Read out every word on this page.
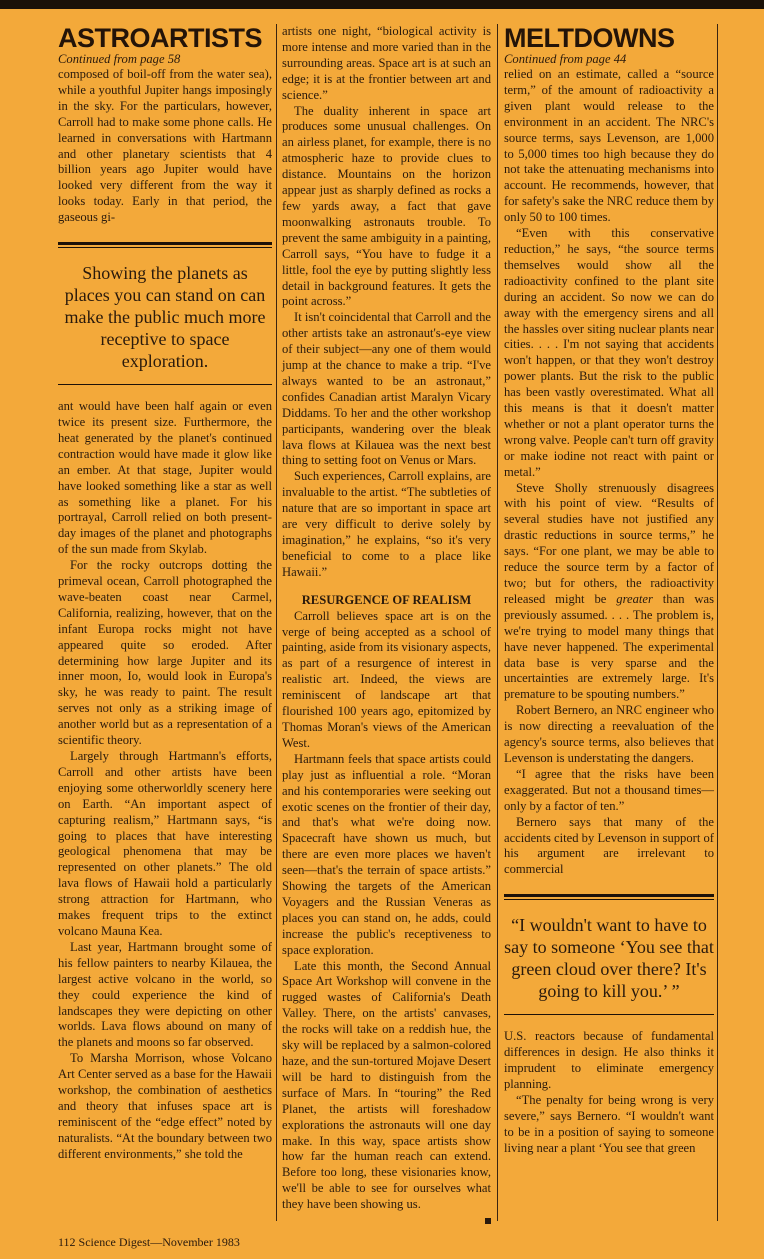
ASTROARTISTS
Continued from page 58

composed of boil-off from the water sea), while a youthful Jupiter hangs imposingly in the sky. For the particulars, however, Carroll had to make some phone calls. He learned in conversations with Hartmann and other planetary scientists that 4 billion years ago Jupiter would have looked very different from the way it looks today. Early in that period, the gaseous gi-

Showing the planets as places you can stand on can make the public much more receptive to space exploration.

ant would have been half again or even twice its present size. Furthermore, the heat generated by the planet's continued contraction would have made it glow like an ember. At that stage, Jupiter would have looked something like a star as well as something like a planet. For his portrayal, Carroll relied on both present-day images of the planet and photographs of the sun made from Skylab.

For the rocky outcrops dotting the primeval ocean, Carroll photographed the wave-beaten coast near Carmel, California, realizing, however, that on the infant Europa rocks might not have appeared quite so eroded. After determining how large Jupiter and its inner moon, Io, would look in Europa's sky, he was ready to paint. The result serves not only as a striking image of another world but as a representation of a scientific theory.

Largely through Hartmann's efforts, Carroll and other artists have been enjoying some otherworldly scenery here on Earth. “An important aspect of capturing realism,” Hartmann says, “is going to places that have interesting geological phenomena that may be represented on other planets.” The old lava flows of Hawaii hold a particularly strong attraction for Hartmann, who makes frequent trips to the extinct volcano Mauna Kea.

Last year, Hartmann brought some of his fellow painters to nearby Kilauea, the largest active volcano in the world, so they could experience the kind of landscapes they were depicting on other worlds. Lava flows abound on many of the planets and moons so far observed.

To Marsha Morrison, whose Volcano Art Center served as a base for the Hawaii workshop, the combination of aesthetics and theory that infuses space art is reminiscent of the “edge effect” noted by naturalists. “At the boundary between two different environments,” she told the

artists one night, “biological activity is more intense and more varied than in the surrounding areas. Space art is at such an edge; it is at the frontier between art and science.”

The duality inherent in space art produces some unusual challenges. On an airless planet, for example, there is no atmospheric haze to provide clues to distance. Mountains on the horizon appear just as sharply defined as rocks a few yards away, a fact that gave moonwalking astronauts trouble. To prevent the same ambiguity in a painting, Carroll says, “You have to fudge it a little, fool the eye by putting slightly less detail in background features. It gets the point across.”

It isn't coincidental that Carroll and the other artists take an astronaut's-eye view of their subject—any one of them would jump at the chance to make a trip. “I've always wanted to be an astronaut,” confides Canadian artist Maralyn Vicary Diddams. To her and the other workshop participants, wandering over the bleak lava flows at Kilauea was the next best thing to setting foot on Venus or Mars.

Such experiences, Carroll explains, are invaluable to the artist. “The subtleties of nature that are so important in space art are very difficult to derive solely by imagination,” he explains, “so it's very beneficial to come to a place like Hawaii.”

RESURGENCE OF REALISM

Carroll believes space art is on the verge of being accepted as a school of painting, aside from its visionary aspects, as part of a resurgence of interest in realistic art. Indeed, the views are reminiscent of landscape art that flourished 100 years ago, epitomized by Thomas Moran's views of the American West.

Hartmann feels that space artists could play just as influential a role. “Moran and his contemporaries were seeking out exotic scenes on the frontier of their day, and that's what we're doing now. Spacecraft have shown us much, but there are even more places we haven't seen—that's the terrain of space artists.” Showing the targets of the American Voyagers and the Russian Veneras as places you can stand on, he adds, could increase the public's receptiveness to space exploration.

Late this month, the Second Annual Space Art Workshop will convene in the rugged wastes of California's Death Valley. There, on the artists' canvases, the rocks will take on a reddish hue, the sky will be replaced by a salmon-colored haze, and the sun-tortured Mojave Desert will be hard to distinguish from the surface of Mars. In “touring” the Red Planet, the artists will foreshadow explorations the astronauts will one day make. In this way, space artists show how far the human reach can extend. Before too long, these visionaries know, we'll be able to see for ourselves what they have been showing us.

MELTDOWNS
Continued from page 44

relied on an estimate, called a “source term,” of the amount of radioactivity a given plant would release to the environment in an accident. The NRC's source terms, says Levenson, are 1,000 to 5,000 times too high because they do not take the attenuating mechanisms into account. He recommends, however, that for safety's sake the NRC reduce them by only 50 to 100 times.

“Even with this conservative reduction,” he says, “the source terms themselves would show all the radioactivity confined to the plant site during an accident. So now we can do away with the emergency sirens and all the hassles over siting nuclear plants near cities. . . . I'm not saying that accidents won't happen, or that they won't destroy power plants. But the risk to the public has been vastly overestimated. What all this means is that it doesn't matter whether or not a plant operator turns the wrong valve. People can't turn off gravity or make iodine not react with paint or metal.”

Steve Sholly strenuously disagrees with his point of view. “Results of several studies have not justified any drastic reductions in source terms,” he says. “For one plant, we may be able to reduce the source term by a factor of two; but for others, the radioactivity released might be greater than was previously assumed. . . . The problem is, we're trying to model many things that have never happened. The experimental data base is very sparse and the uncertainties are extremely large. It's premature to be spouting numbers.”

Robert Bernero, an NRC engineer who is now directing a reevaluation of the agency's source terms, also believes that Levenson is understating the dangers.

“I agree that the risks have been exaggerated. But not a thousand times—only by a factor of ten.”

Bernero says that many of the accidents cited by Levenson in support of his argument are irrelevant to commercial

“I wouldn't want to have to say to someone ‘You see that green cloud over there? It's going to kill you.’ ”

U.S. reactors because of fundamental differences in design. He also thinks it imprudent to eliminate emergency planning.

“The penalty for being wrong is very severe,” says Bernero. “I wouldn't want to be in a position of saying to someone living near a plant ‘You see that green

112 Science Digest—November 1983
